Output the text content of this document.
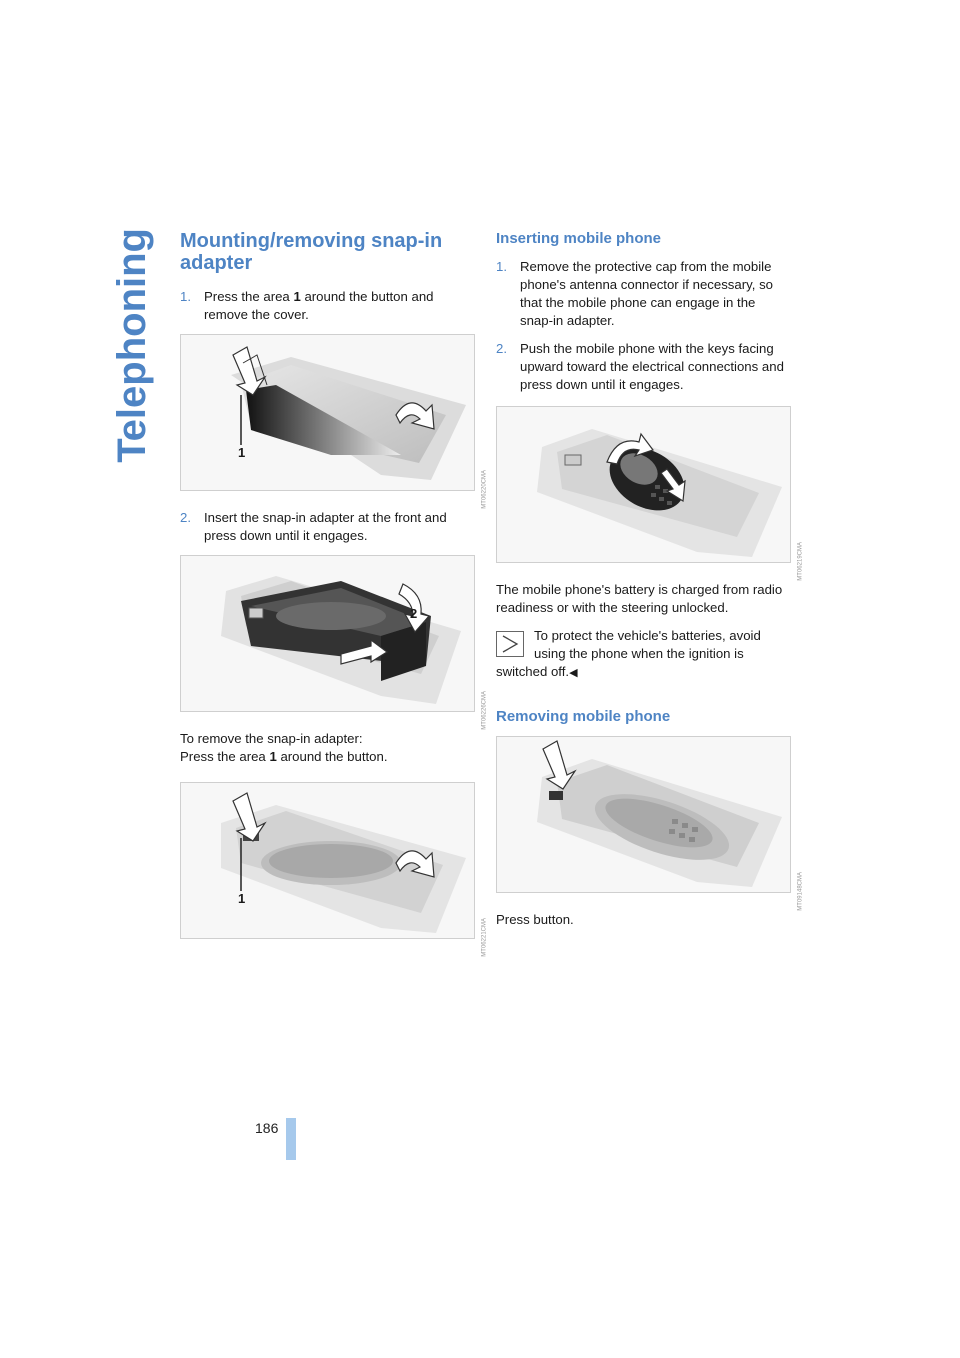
Telephoning Mounting/removing snap-in adapter
1. Press the area 1 around the button and remove the cover.
1
MT06220CMA
2. Insert the snap-in adapter at the front and press down until it engages.
2
MT06226CMA

To remove the snap-in adapter:
Press the area 1 around the button.

1
MT06221CMA
Inserting mobile phone
1. Remove the protective cap from the mobile phone's antenna connector if necessary, so that the mobile phone can engage in the snap-in adapter.
2. Push the mobile phone with the keys facing upward toward the electrical connections and press down until it engages.
MT06219CMA

The mobile phone's battery is charged from radio readiness or with the steering unlocked.

To protect the vehicle's batteries, avoid using the phone when the ignition is switched off.◀
Removing mobile phone
MT09148CMA

Press button.

186
